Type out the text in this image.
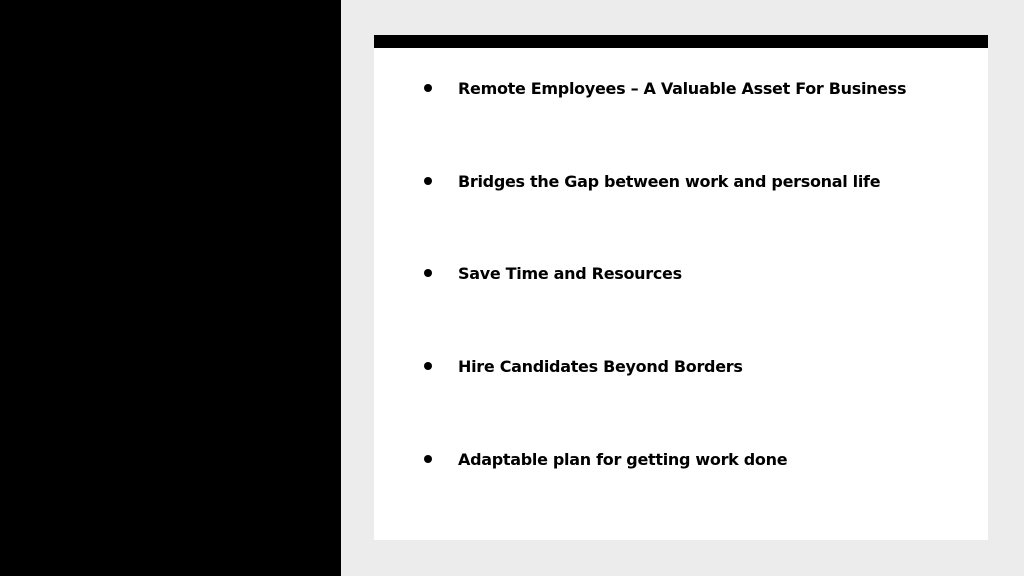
Remote Employees – A Valuable Asset For Business
Bridges the Gap between work and personal life
Save Time and Resources
Hire Candidates Beyond Borders
Adaptable plan for getting work done
